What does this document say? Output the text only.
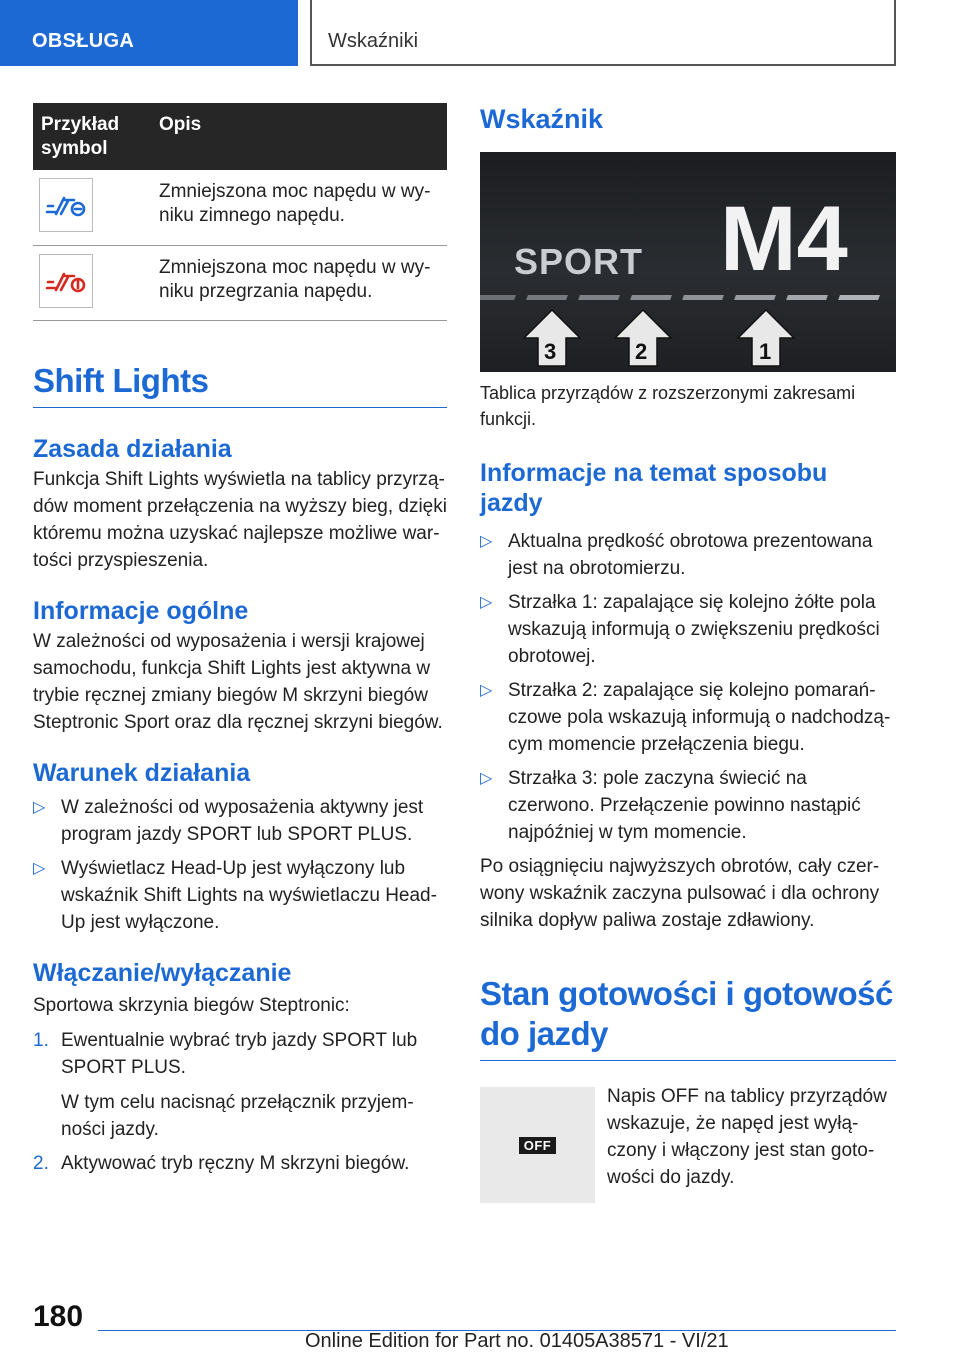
OBSŁUGA	Wskaźniki
Przykład symbol	Opis

	Zmniejszona moc napędu w wyniku zimnego napędu.

	Zmniejszona moc napędu w wyniku przegrzania napędu.
Shift Lights
Zasada działania

Funkcja Shift Lights wyświetla na tablicy przyrządów moment przełączenia na wyższy bieg, dzięki któremu można uzyskać najlepsze możliwe wartości przyspieszenia.

Informacje ogólne

W zależności od wyposażenia i wersji krajowej samochodu, funkcja Shift Lights jest aktywna w trybie ręcznej zmiany biegów M skrzyni biegów Steptronic Sport oraz dla ręcznej skrzyni biegów.

Warunek działania
▷ W zależności od wyposażenia aktywny jest program jazdy SPORT lub SPORT PLUS.
▷ Wyświetlacz Head-Up jest wyłączony lub wskaźnik Shift Lights na wyświetlaczu Head-Up jest wyłączone.
Włączanie/wyłączanie

Sportowa skrzynia biegów Steptronic:

1. Ewentualnie wybrać tryb jazdy SPORT lub SPORT PLUS.
W tym celu nacisnąć przełącznik przyjemności jazdy.
2. Aktywować tryb ręczny M skrzyni biegów.
Wskaźnik
SPORT M4
3	2	1

Tablica przyrządów z rozszerzonymi zakresami funkcji.

Informacje na temat sposobu jazdy
▷ Aktualna prędkość obrotowa prezentowana jest na obrotomierzu.
▷ Strzałka 1: zapalające się kolejno żółte pola wskazują informują o zwiększeniu prędkości obrotowej.
▷ Strzałka 2: zapalające się kolejno pomarańczowe pola wskazują informują o nadchodzącym momencie przełączenia biegu.
▷ Strzałka 3: pole zaczyna świecić na czerwono. Przełączenie powinno nastąpić najpóźniej w tym momencie.

Po osiągnięciu najwyższych obrotów, cały czerwony wskaźnik zaczyna pulsować i dla ochrony silnika dopływ paliwa zostaje zdławiony.

Stan gotowości i gotowość do jazdy
OFF

Napis OFF na tablicy przyrządów wskazuje, że napęd jest wyłączony i włączony jest stan gotowości do jazdy.

180
Online Edition for Part no. 01405A38571 - VI/21
